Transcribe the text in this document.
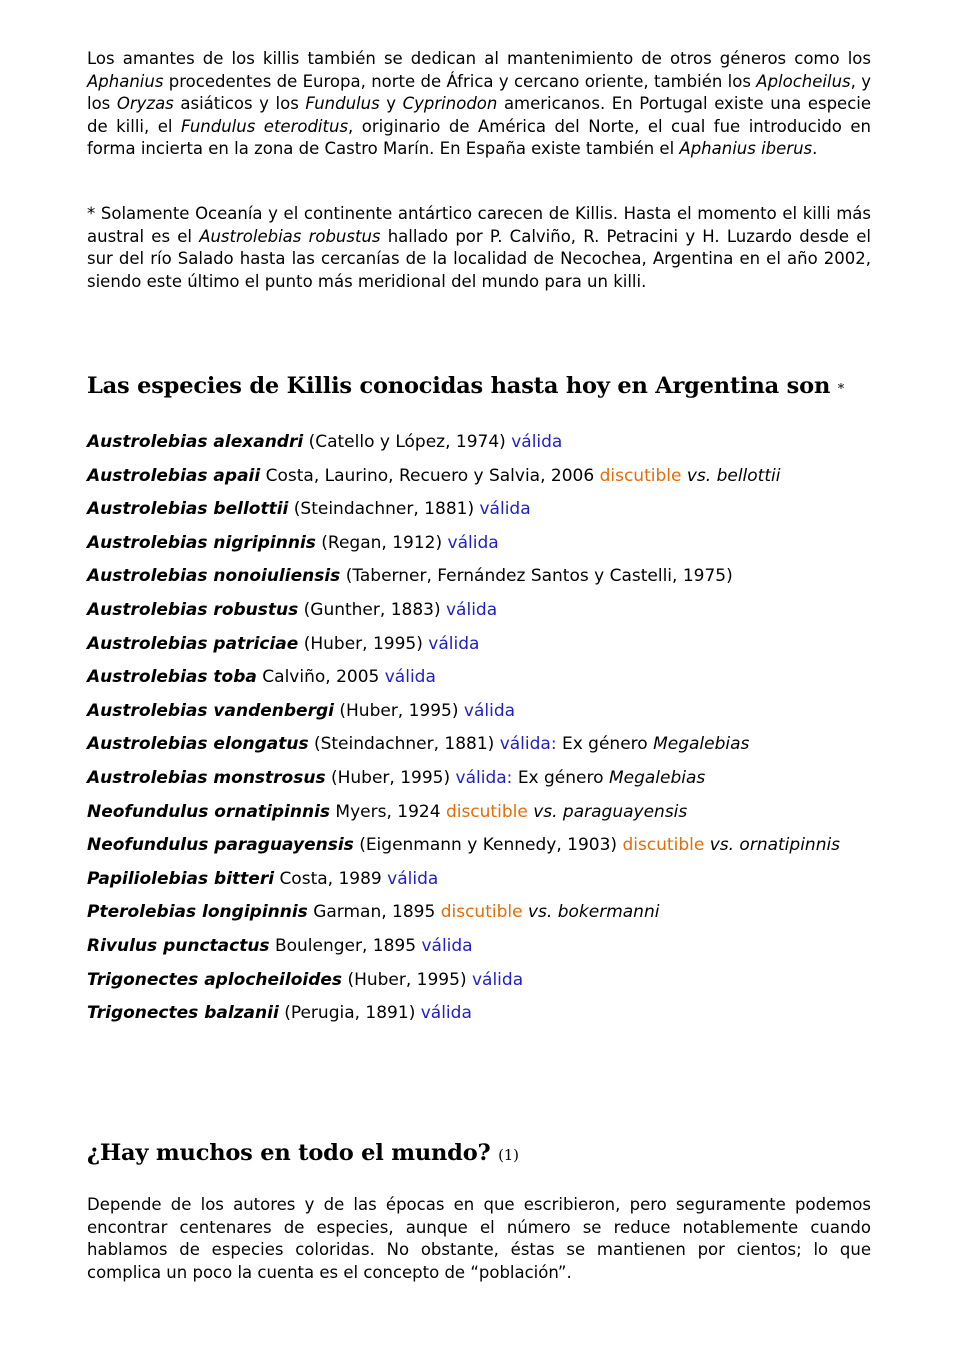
Los amantes de los killis también se dedican al mantenimiento de otros géneros como los Aphanius procedentes de Europa, norte de África y cercano oriente, también los Aplocheilus, y los Oryzas asiáticos y los Fundulus y Cyprinodon americanos. En Portugal existe una especie de killi, el Fundulus eteroditus, originario de América del Norte, el cual fue introducido en forma incierta en la zona de Castro Marín. En España existe también el Aphanius iberus.

* Solamente Oceanía y el continente antártico carecen de Killis. Hasta el momento el killi más austral es el Austrolebias robustus hallado por P. Calviño, R. Petracini y H. Luzardo desde el sur del río Salado hasta las cercanías de la localidad de Necochea, Argentina en el año 2002, siendo este último el punto más meridional del mundo para un killi.

Las especies de Killis conocidas hasta hoy en Argentina son *
Austrolebias alexandri (Catello y López, 1974) válida
Austrolebias apaii Costa, Laurino, Recuero y Salvia, 2006 discutible vs. bellottii
Austrolebias bellottii (Steindachner, 1881) válida
Austrolebias nigripinnis (Regan, 1912) válida
Austrolebias nonoiuliensis (Taberner, Fernández Santos y Castelli, 1975)
Austrolebias robustus (Gunther, 1883) válida
Austrolebias patriciae (Huber, 1995) válida
Austrolebias toba Calviño, 2005 válida
Austrolebias vandenbergi (Huber, 1995) válida
Austrolebias elongatus (Steindachner, 1881) válida: Ex género Megalebias
Austrolebias monstrosus (Huber, 1995) válida: Ex género Megalebias
Neofundulus ornatipinnis Myers, 1924 discutible vs. paraguayensis
Neofundulus paraguayensis (Eigenmann y Kennedy, 1903) discutible vs. ornatipinnis
Papiliolebias bitteri Costa, 1989 válida
Pterolebias longipinnis Garman, 1895 discutible vs. bokermanni
Rivulus punctactus Boulenger, 1895 válida
Trigonectes aplocheiloides (Huber, 1995) válida
Trigonectes balzanii (Perugia, 1891) válida
¿Hay muchos en todo el mundo? (1)

Depende de los autores y de las épocas en que escribieron, pero seguramente podemos encontrar centenares de especies, aunque el número se reduce notablemente cuando hablamos de especies coloridas. No obstante, éstas se mantienen por cientos; lo que complica un poco la cuenta es el concepto de “población”.
